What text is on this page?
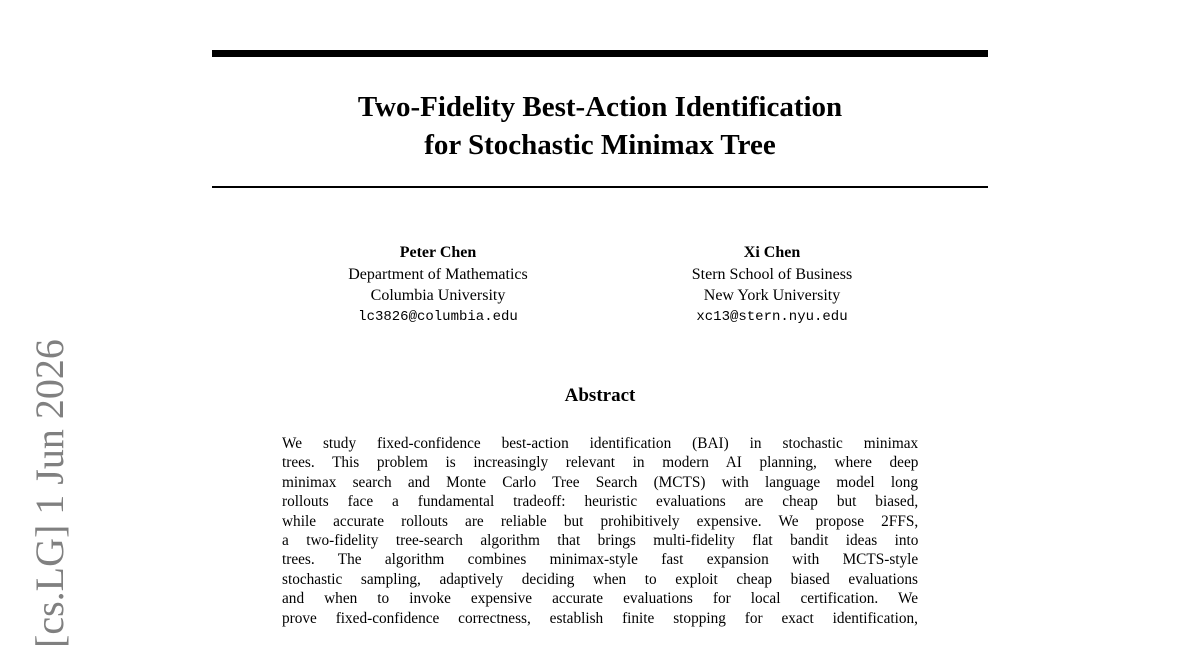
Two-Fidelity Best-Action Identification
for Stochastic Minimax Tree
Peter Chen
Department of Mathematics
Columbia University
lc3826@columbia.edu
Xi Chen
Stern School of Business
New York University
xc13@stern.nyu.edu
Abstract
We study fixed-confidence best-action identification (BAI) in stochastic minimax
trees. This problem is increasingly relevant in modern AI planning, where deep
minimax search and Monte Carlo Tree Search (MCTS) with language model long
rollouts face a fundamental tradeoff: heuristic evaluations are cheap but biased,
while accurate rollouts are reliable but prohibitively expensive. We propose 2FFS,
a two-fidelity tree-search algorithm that brings multi-fidelity flat bandit ideas into
trees. The algorithm combines minimax-style fast expansion with MCTS-style
stochastic sampling, adaptively deciding when to exploit cheap biased evaluations
and when to invoke expensive accurate evaluations for local certification. We
prove fixed-confidence correctness, establish finite stopping for exact identification,
[cs.LG] 1 Jun 2026
